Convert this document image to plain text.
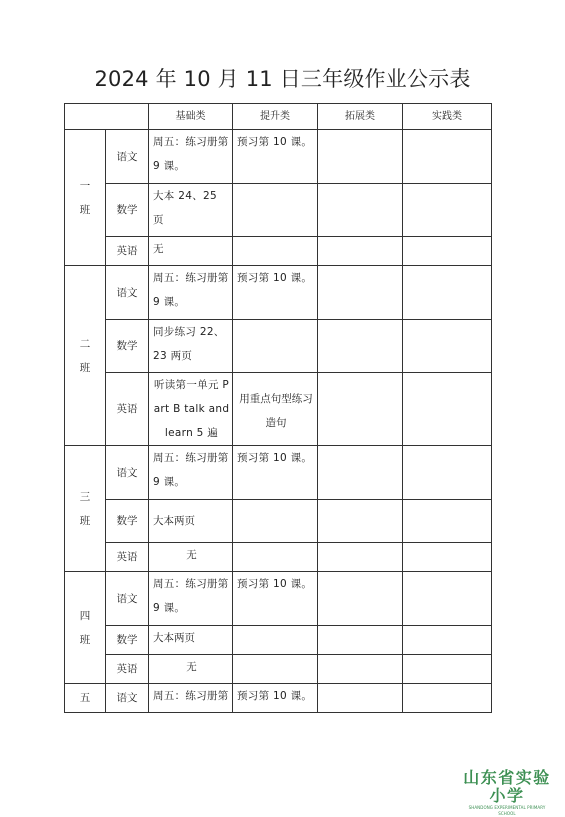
2024 年 10 月 11 日三年级作业公示表
		基础类	提升类	拓展类	实践类
一
班	语文	周五：练习册第 9 课。	预习第 10 课。		
	数学	大本 24、25 页			
	英语	无			
二
班	语文	周五：练习册第 9 课。	预习第 10 课。		
	数学	同步练习 22、23 两页			
	英语	听读第一单元 Part B talk and learn 5 遍	用重点句型练习造句		
三
班	语文	周五：练习册第 9 课。	预习第 10 课。		
	数学	大本两页			
	英语	无			
四
班	语文	周五：练习册第 9 课。	预习第 10 课。		
	数学	大本两页			
	英语	无			
五	语文	周五：练习册第	预习第 10 课。		
山东省实验小学
SHANDONG EXPERIMENTAL PRIMARY SCHOOL
